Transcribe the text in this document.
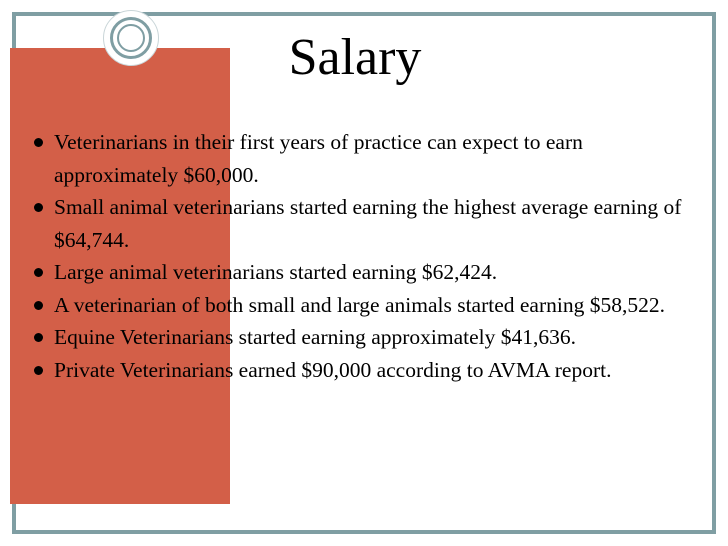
Salary
Veterinarians in their first years of practice can expect to earn approximately $60,000.
Small animal veterinarians started earning the highest average earning of $64,744.
Large animal veterinarians started earning $62,424.
A veterinarian of both small and large animals started earning $58,522.
Equine Veterinarians started earning approximately $41,636.
Private Veterinarians earned $90,000 according to AVMA report.
